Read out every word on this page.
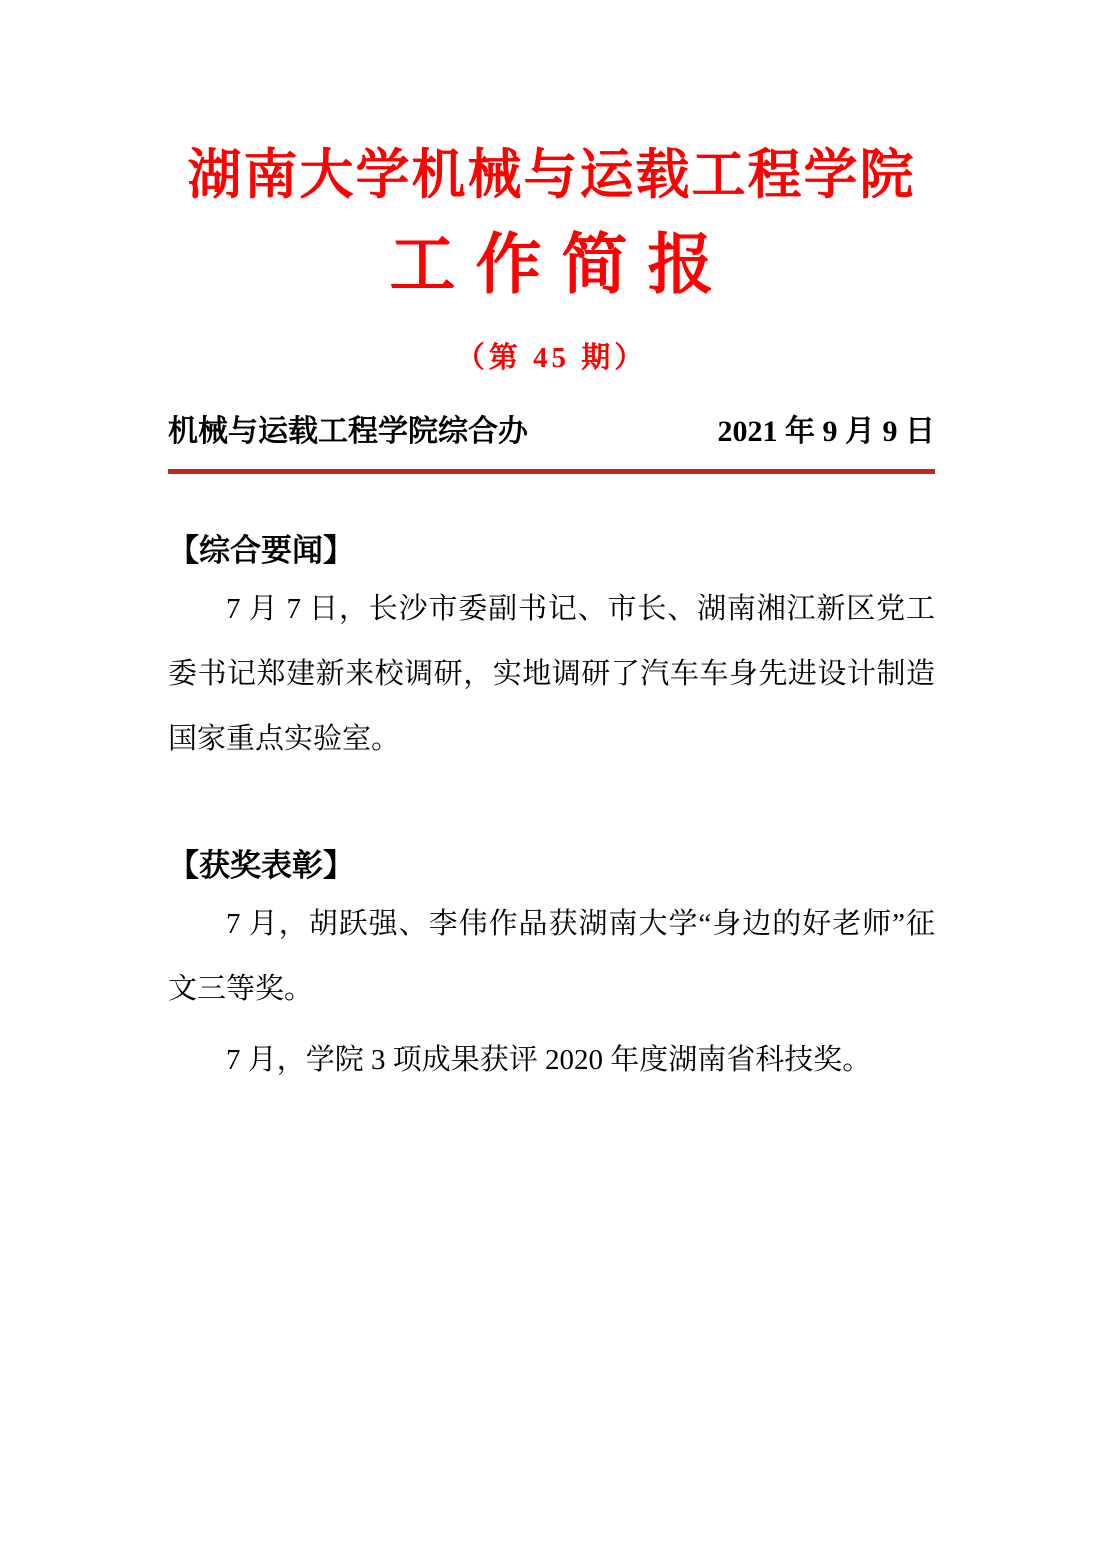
湖南大学机械与运载工程学院
工作简报
（第 45 期）
机械与运载工程学院综合办	2021 年 9 月 9 日
【综合要闻】

7 月 7 日，长沙市委副书记、市长、湖南湘江新区党工委书记郑建新来校调研，实地调研了汽车车身先进设计制造国家重点实验室。

【获奖表彰】

7 月，胡跃强、李伟作品获湖南大学“身边的好老师”征文三等奖。

7 月，学院 3 项成果获评 2020 年度湖南省科技奖。
